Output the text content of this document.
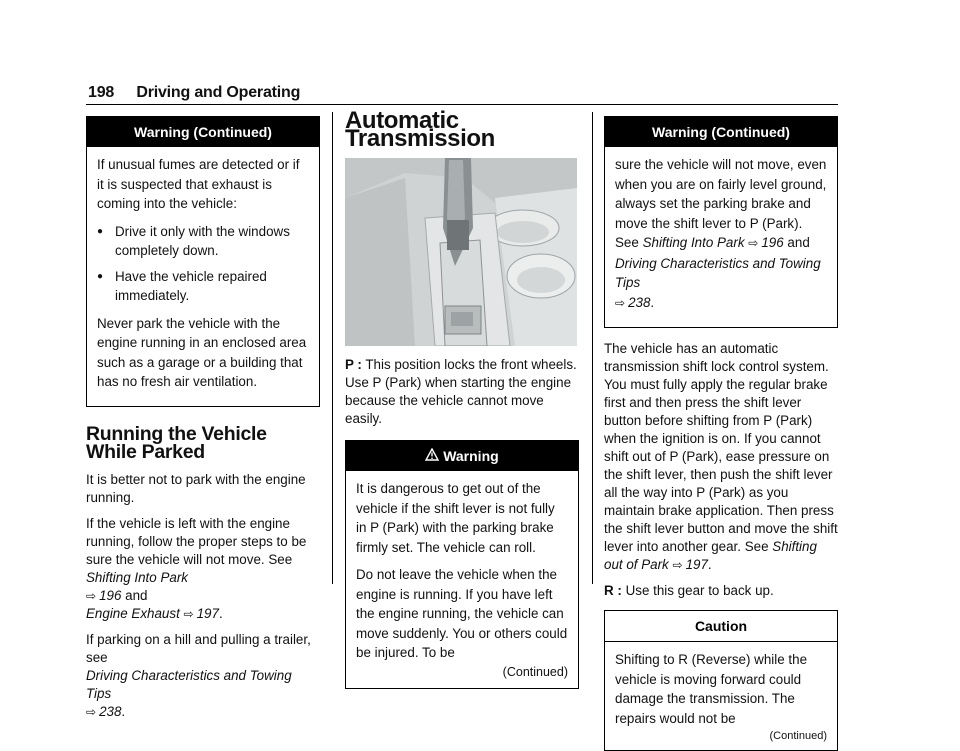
198 Driving and Operating
Warning (Continued)

If unusual fumes are detected or if it is suspected that exhaust is coming into the vehicle:

● Drive it only with the windows completely down.
● Have the vehicle repaired immediately.

Never park the vehicle with the engine running in an enclosed area such as a garage or a building that has no fresh air ventilation.

Running the Vehicle While Parked

It is better not to park with the engine running.

If the vehicle is left with the engine running, follow the proper steps to be sure the vehicle will not move. See Shifting Into Park
⇨ 196 and
Engine Exhaust ⇨ 197.

If parking on a hill and pulling a trailer, see
Driving Characteristics and Towing Tips
⇨ 238.

Automatic Transmission

P : This position locks the front wheels. Use P (Park) when starting the engine because the vehicle cannot move easily.

Warning

It is dangerous to get out of the vehicle if the shift lever is not fully in P (Park) with the parking brake firmly set. The vehicle can roll.

Do not leave the vehicle when the engine is running. If you have left the engine running, the vehicle can move suddenly. You or others could be injured. To be

(Continued)
Warning (Continued)

sure the vehicle will not move, even when you are on fairly level ground, always set the parking brake and move the shift lever to P (Park). See Shifting Into Park ⇨ 196 and
Driving Characteristics and Towing Tips
⇨ 238.

The vehicle has an automatic transmission shift lock control system. You must fully apply the regular brake first and then press the shift lever button before shifting from P (Park) when the ignition is on. If you cannot shift out of P (Park), ease pressure on the shift lever, then push the shift lever all the way into P (Park) as you maintain brake application. Then press the shift lever button and move the shift lever into another gear. See Shifting out of Park ⇨ 197.

R : Use this gear to back up.

Caution

Shifting to R (Reverse) while the vehicle is moving forward could damage the transmission. The repairs would not be

(Continued)
